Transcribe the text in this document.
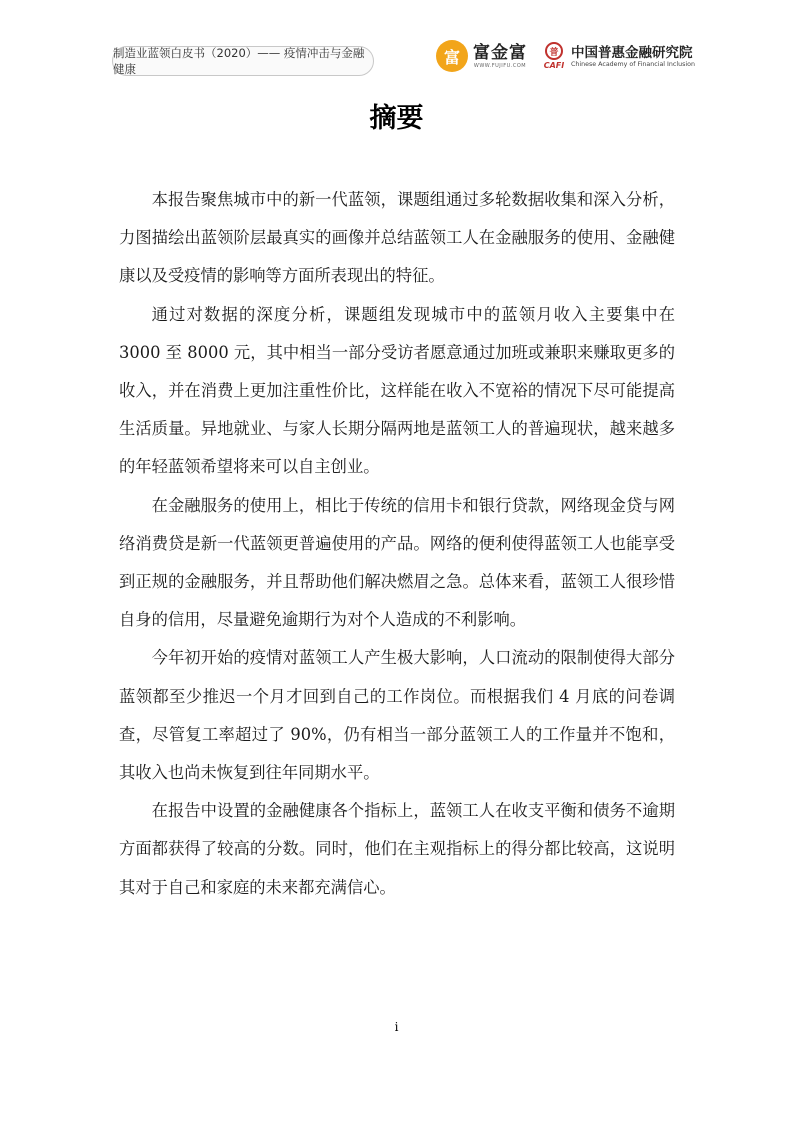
制造业蓝领白皮书（2020）—— 疫情冲击与金融健康
富 富金富
WWW.FUJIFU.COM
普
CAFI
中国普惠金融研究院
Chinese Academy of Financial Inclusion
摘要

本报告聚焦城市中的新一代蓝领，课题组通过多轮数据收集和深入分析，力图描绘出蓝领阶层最真实的画像并总结蓝领工人在金融服务的使用、金融健康以及受疫情的影响等方面所表现出的特征。

通过对数据的深度分析，课题组发现城市中的蓝领月收入主要集中在 3000 至 8000 元，其中相当一部分受访者愿意通过加班或兼职来赚取更多的收入，并在消费上更加注重性价比，这样能在收入不宽裕的情况下尽可能提高生活质量。异地就业、与家人长期分隔两地是蓝领工人的普遍现状，越来越多的年轻蓝领希望将来可以自主创业。

在金融服务的使用上，相比于传统的信用卡和银行贷款，网络现金贷与网络消费贷是新一代蓝领更普遍使用的产品。网络的便利使得蓝领工人也能享受到正规的金融服务，并且帮助他们解决燃眉之急。总体来看，蓝领工人很珍惜自身的信用，尽量避免逾期行为对个人造成的不利影响。

今年初开始的疫情对蓝领工人产生极大影响，人口流动的限制使得大部分蓝领都至少推迟一个月才回到自己的工作岗位。而根据我们 4 月底的问卷调查，尽管复工率超过了 90%，仍有相当一部分蓝领工人的工作量并不饱和，其收入也尚未恢复到往年同期水平。

在报告中设置的金融健康各个指标上，蓝领工人在收支平衡和债务不逾期方面都获得了较高的分数。同时，他们在主观指标上的得分都比较高，这说明其对于自己和家庭的未来都充满信心。

i
